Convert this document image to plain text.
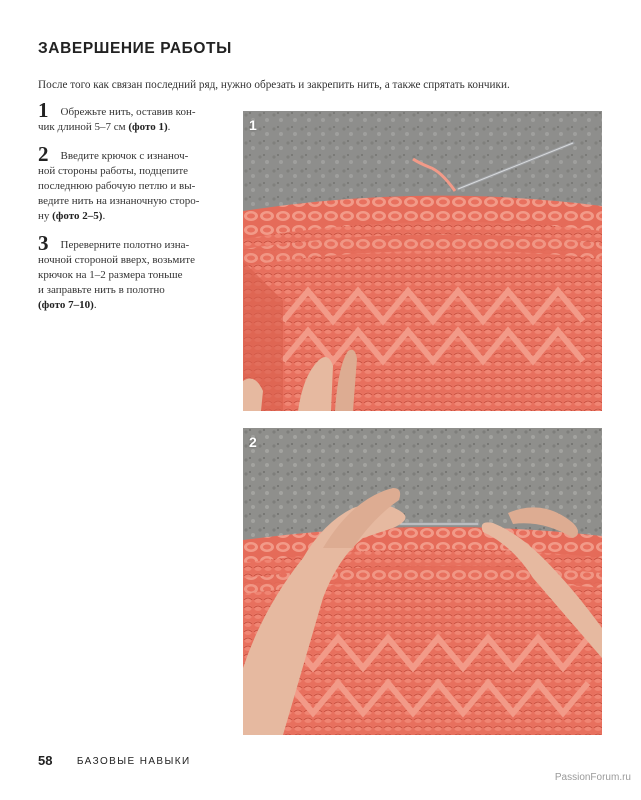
ЗАВЕРШЕНИЕ РАБОТЫ
После того как связан последний ряд, нужно обрезать и закрепить нить, а также спрятать кончики.
1 Обрежьте нить, оставив кон-
чик длиной 5–7 см (фото 1).
2 Введите крючок с изнаноч-
ной стороны работы, подцепите
последнюю рабочую петлю и вы-
ведите нить на изнаночную сторо-
ну (фото 2–5).
3 Переверните полотно изна-
ночной стороной вверх, возьмите
крючок на 1–2 размера тоньше
и заправьте нить в полотно
(фото 7–10).
1
2
58 БАЗОВЫЕ НАВЫКИ
PassionForum.ru
